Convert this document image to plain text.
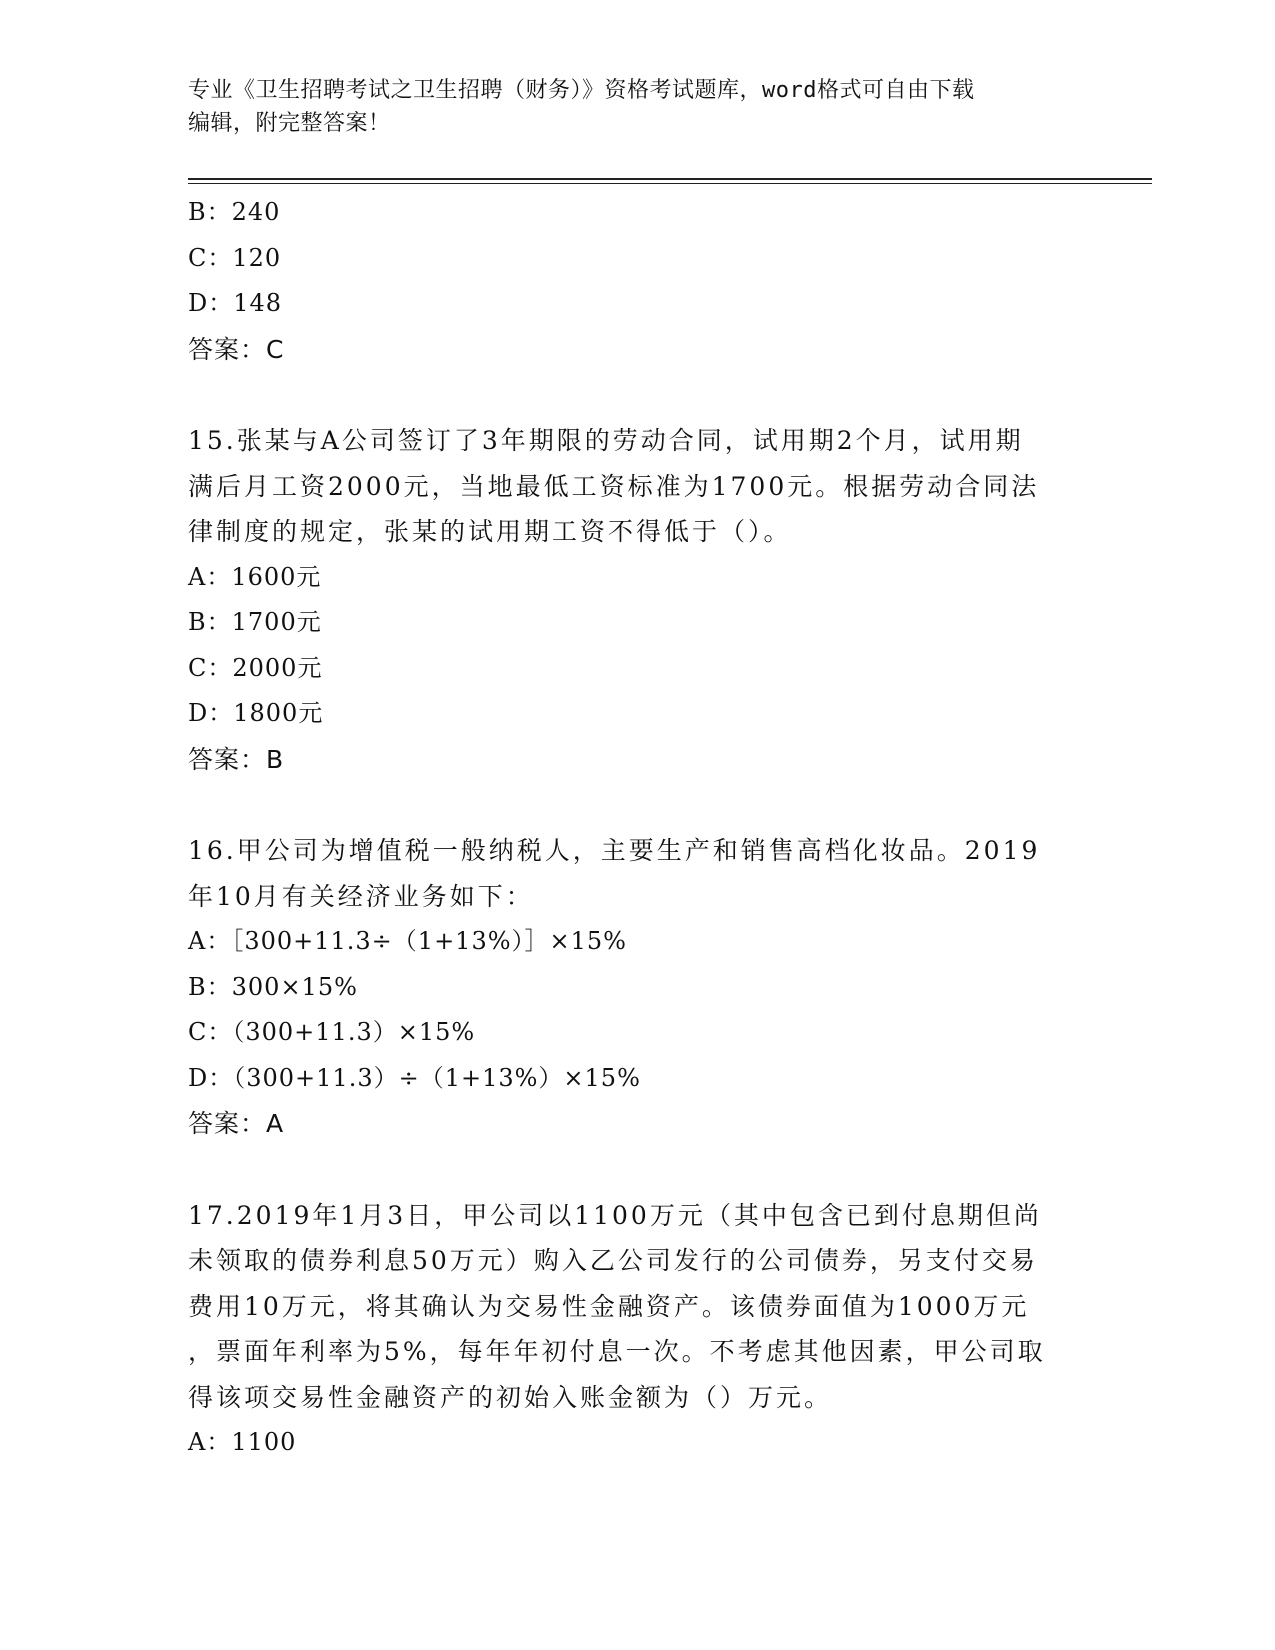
专业《卫生招聘考试之卫生招聘（财务）》资格考试题库，word格式可自由下载
编辑，附完整答案！
B：240
C：120
D：148
答案：C
15.张某与A公司签订了3年期限的劳动合同，试用期2个月，试用期
满后月工资2000元，当地最低工资标准为1700元。根据劳动合同法
律制度的规定，张某的试用期工资不得低于（）。
A：1600元
B：1700元
C：2000元
D：1800元
答案：B
16.甲公司为增值税一般纳税人，主要生产和销售高档化妆品。2019
年10月有关经济业务如下：
A：［300+11.3÷（1+13%）］×15%
B：300×15%
C：（300+11.3）×15%
D：（300+11.3）÷（1+13%）×15%
答案：A
17.2019年1月3日，甲公司以1100万元（其中包含已到付息期但尚
未领取的债券利息50万元）购入乙公司发行的公司债券，另支付交易
费用10万元，将其确认为交易性金融资产。该债券面值为1000万元
，票面年利率为5%，每年年初付息一次。不考虑其他因素，甲公司取
得该项交易性金融资产的初始入账金额为（）万元。
A：1100
